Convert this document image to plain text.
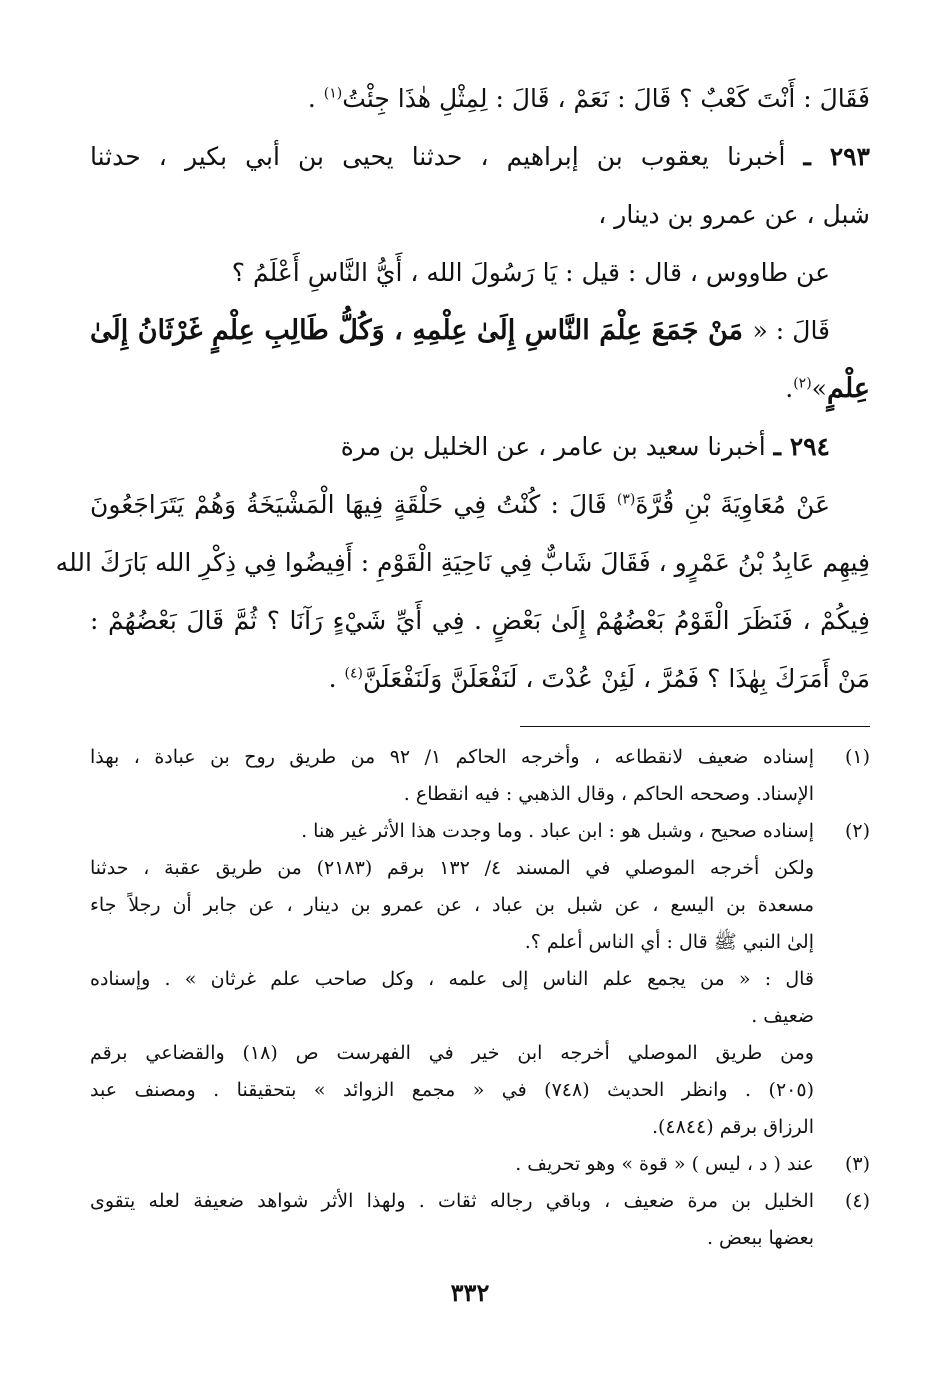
فَقَالَ : أَنْتَ كَعْبٌ ؟ قَالَ : نَعَمْ ، قَالَ : لِمِثْلِ هٰذَا جِئْتُ$^{(١)}$ .
٢٩٣ ـ أخبرنا يعقوب بن إبراهيم ، حدثنا يحيى بن أبي بكير ، حدثنا
شبل ، عن عمرو بن دينار ،
عن طاووس ، قال : قيل : يَا رَسُولَ الله ، أَيُّ النَّاسِ أَعْلَمُ ؟
قَالَ : « مَنْ جَمَعَ عِلْمَ النَّاسِ إِلَىٰ عِلْمِهِ ، وَكُلُّ طَالِبِ عِلْمٍ غَرْثَانُ إِلَىٰ
عِلْمٍ»$^{(٢)}$.
٢٩٤ ـ أخبرنا سعيد بن عامر ، عن الخليل بن مرة
عَنْ مُعَاوِيَةَ بْنِ قُرَّةَ$^{(٣)}$ قَالَ : كُنْتُ فِي حَلْقَةٍ فِيهَا الْمَشْيَخَةُ وَهُمْ يَتَرَاجَعُونَ
فِيهِم عَابِدُ بْنُ عَمْرٍو ، فَقَالَ شَابٌّ فِي نَاحِيَةِ الْقَوْمِ : أَفِيضُوا فِي ذِكْرِ الله بَارَكَ الله
فِيكُمْ ، فَنَظَرَ الْقَوْمُ بَعْضُهُمْ إِلَىٰ بَعْضٍ . فِي أَيِّ شَيْءٍ رَآنَا ؟ ثُمَّ قَالَ بَعْضُهُمْ :
مَنْ أَمَرَكَ بِهٰذَا ؟ فَمُرَّ ، لَئِنْ عُدْتَ ، لَنَفْعَلَنَّ وَلَنَفْعَلَنَّ$^{(٤)}$ .
(١)
إسناده ضعيف لانقطاعه ، وأخرجه الحاكم ١/ ٩٢ من طريق روح بن عبادة ، بهذا
الإسناد. وصححه الحاكم ، وقال الذهبي : فيه انقطاع .
(٢)
إسناده صحيح ، وشبل هو : ابن عباد . وما وجدت هذا الأثر غير هنا .
ولكن أخرجه الموصلي في المسند ٤/ ١٣٢ برقم (٢١٨٣) من طريق عقبة ، حدثنا
مسعدة بن اليسع ، عن شبل بن عباد ، عن عمرو بن دينار ، عن جابر أن رجلاً جاء
إلىٰ النبي ﷺ قال : أي الناس أعلم ؟.
قال : « من يجمع علم الناس إلى علمه ، وكل صاحب علم غرثان » . وإسناده
ضعيف .
ومن طريق الموصلي أخرجه ابن خير في الفهرست ص (١٨) والقضاعي برقم
(٢٠٥) . وانظر الحديث (٧٤٨) في « مجمع الزوائد » بتحقيقنا . ومصنف عبد
الرزاق برقم (٤٨٤٤).
(٣)
عند ( د ، ليس ) « قوة » وهو تحريف .
(٤)
الخليل بن مرة ضعيف ، وباقي رجاله ثقات . ولهذا الأثر شواهد ضعيفة لعله يتقوى
بعضها ببعض .
٣٣٢
